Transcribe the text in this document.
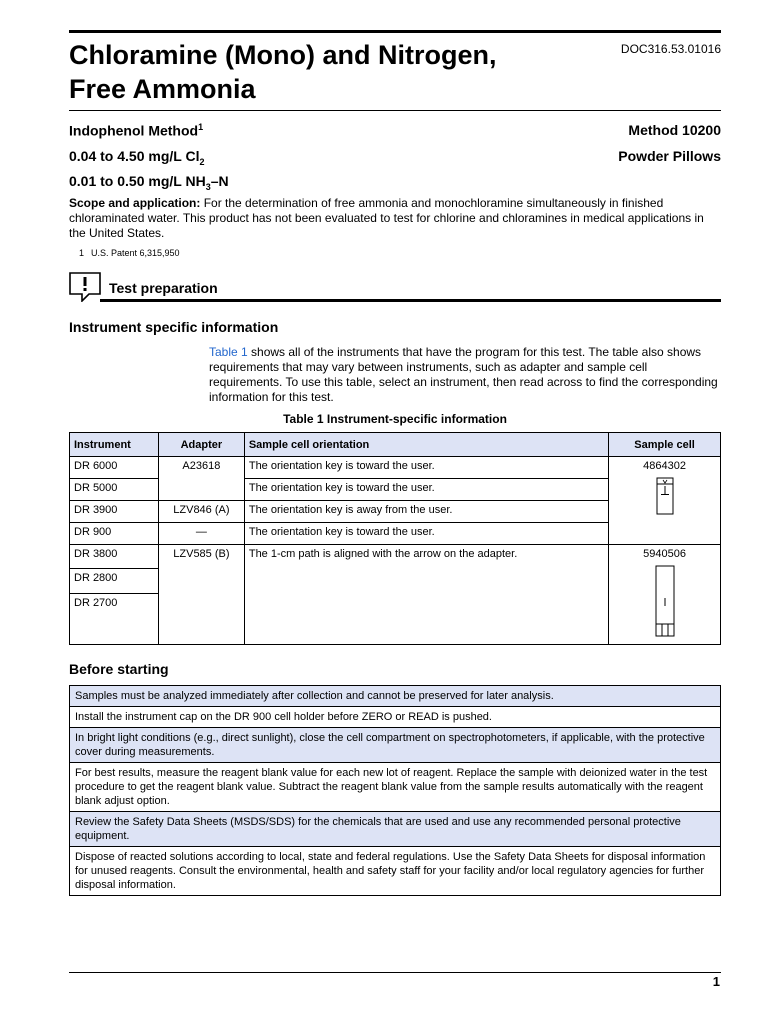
Chloramine (Mono) and Nitrogen,
Free Ammonia
DOC316.53.01016
Indophenol Method$^1$	Method 10200
0.04 to 4.50 mg/L $Cl_2$	Powder Pillows
0.01 to 0.50 mg/L $NH_3-N$
Scope and application: For the determination of free ammonia and monochloramine simultaneously in finished chloraminated water. This product has not been evaluated to test for chlorine and chloramines in medical applications in the United States.
1 U.S. Patent 6,315,950
Test preparation
Instrument specific information
Table 1 shows all of the instruments that have the program for this test. The table also shows requirements that may vary between instruments, such as adapter and sample cell requirements. To use this table, select an instrument, then read across to find the corresponding information for this test.
Table 1 Instrument-specific information
Instrument	Adapter	Sample cell orientation	Sample cell
DR 6000	A23618	The orientation key is toward the user.	4864302

DR 5000		The orientation key is toward the user.	
DR 3900	LZV846 (A)	The orientation key is away from the user.	
DR 900	—	The orientation key is toward the user.	
DR 3800	LZV585 (B)	The 1-cm path is aligned with the arrow on the adapter.	5940506

DR 2800			
DR 2700			
Before starting
Samples must be analyzed immediately after collection and cannot be preserved for later analysis.
Install the instrument cap on the DR 900 cell holder before ZERO or READ is pushed.
In bright light conditions (e.g., direct sunlight), close the cell compartment on spectrophotometers, if applicable, with the protective cover during measurements.
For best results, measure the reagent blank value for each new lot of reagent. Replace the sample with deionized water in the test procedure to get the reagent blank value. Subtract the reagent blank value from the sample results automatically with the reagent blank adjust option.
Review the Safety Data Sheets (MSDS/SDS) for the chemicals that are used and use any recommended personal protective equipment.
Dispose of reacted solutions according to local, state and federal regulations. Use the Safety Data Sheets for disposal information for unused reagents. Consult the environmental, health and safety staff for your facility and/or local regulatory agencies for further disposal information.
1
